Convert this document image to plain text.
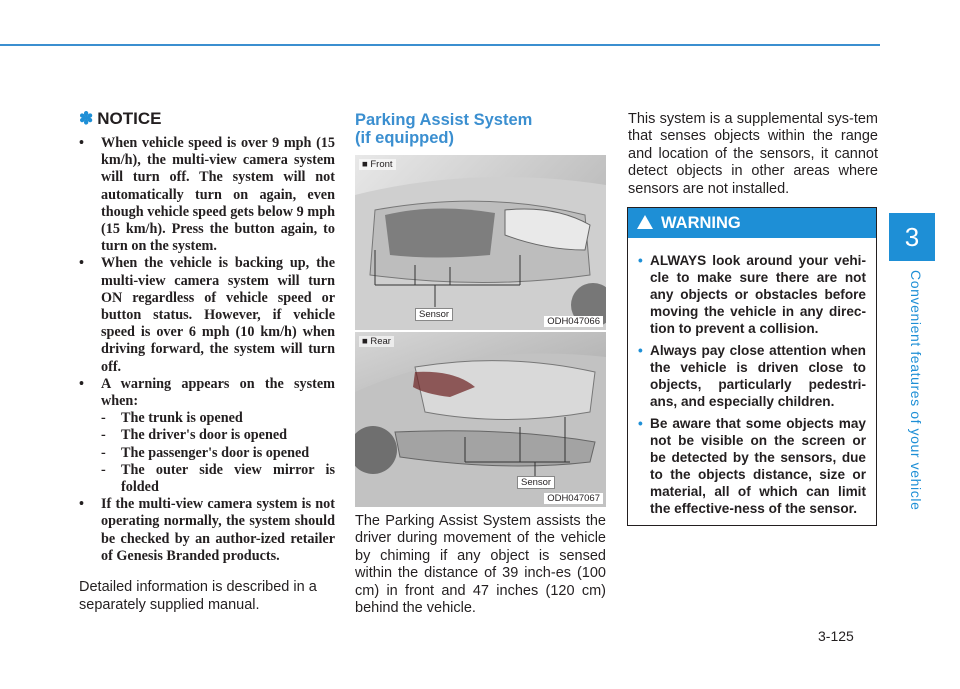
3
Convenient features of your vehicle
✽ NOTICE
• When vehicle speed is over 9 mph (15 km/h), the multi-view camera system will turn off. The system will not automatically turn on again, even though vehicle speed gets below 9 mph (15 km/h). Press the button again, to turn on the system.
• When the vehicle is backing up, the multi-view camera system will turn ON regardless of vehicle speed or button status. However, if vehicle speed is over 6 mph (10 km/h) when driving forward, the system will turn off.
• A warning appears on the system when:
- The trunk is opened
- The driver's door is opened
- The passenger's door is opened
- The outer side view mirror is folded
• If the multi-view camera system is not operating normally, the system should be checked by an author-ized retailer of Genesis Branded products.
Detailed information is described in a separately supplied manual.
Parking Assist System
(if equipped)
■ Front
Sensor
ODH047066
■ Rear
Sensor
ODH047067
The Parking Assist System assists the driver during movement of the vehicle by chiming if any object is sensed within the distance of 39 inch-es (100 cm) in front and 47 inches (120 cm) behind the vehicle.
This system is a supplemental sys-tem that senses objects within the range and location of the sensors, it cannot detect objects in other areas where sensors are not installed.
WARNING
• ALWAYS look around your vehi-cle to make sure there are not any objects or obstacles before moving the vehicle in any direc-tion to prevent a collision.
• Always pay close attention when the vehicle is driven close to objects, particularly pedestri-ans, and especially children.
• Be aware that some objects may not be visible on the screen or be detected by the sensors, due to the objects distance, size or material, all of which can limit the effective-ness of the sensor.
3-125
